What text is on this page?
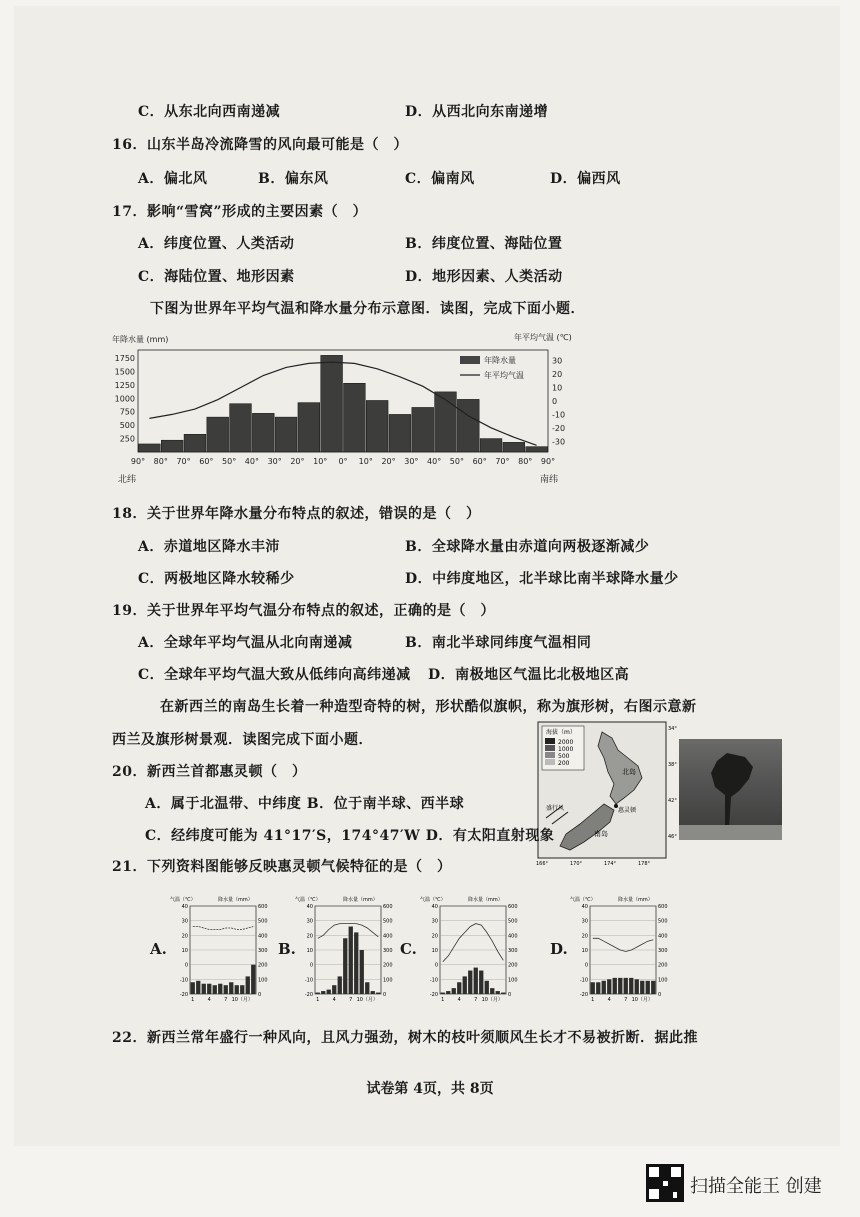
C．从东北向西南递减	D．从西北向东南递增
16．山东半岛冷流降雪的风向最可能是（　）
A．偏北风	B．偏东风	C．偏南风	D．偏西风
17．影响“雪窝”形成的主要因素（　）
A．纬度位置、人类活动	B．纬度位置、海陆位置
C．海陆位置、地形因素	D．地形因素、人类活动
下图为世界年平均气温和降水量分布示意图．读图，完成下面小题．
年降水量 (mm)	年平均气温 (℃)
250
500
750
1000
1250
1500
1750
-30
-20
-10
0
10
20
30
90° 80° 70° 60° 50° 40° 30° 20° 10° 0° 10° 20° 30° 40° 50° 60° 70° 80° 90°
年降水量
年平均气温
北纬	南纬
18．关于世界年降水量分布特点的叙述，错误的是（　）
A．赤道地区降水丰沛	B．全球降水量由赤道向两极逐渐减少
C．两极地区降水较稀少	D．中纬度地区，北半球比南半球降水量少
19．关于世界年平均气温分布特点的叙述，正确的是（　）
A．全球年平均气温从北向南递减	B．南北半球同纬度气温相同
C．全球年平均气温大致从低纬向高纬递减 D．南极地区气温比北极地区高
在新西兰的南岛生长着一种造型奇特的树，形状酷似旗帜，称为旗形树，右图示意新
西兰及旗形树景观．读图完成下面小题．	海拔（m）
2000
1000
500
200
北岛
惠灵顿
南岛
盛行风
34°
38°
42°
46°
166°	170°	174°	178°
20．新西兰首都惠灵顿（　）
A．属于北温带、中纬度 B．位于南半球、西半球
C．经纬度可能为 41°17′S，174°47′W D．有太阳直射现象
21．下列资料图能够反映惠灵顿气候特征的是（　）
A.	B.	C.	D.
气温（℃）	降水量（mm）
40	600
30	500
20	400
10	300
0	200
-10	100
-20	0
1	4	7 10（月）
气温（℃）	降水量（mm）
40	600
30	500
20	400
10	300
0	200
-10	100
-20	0
1	4	7 10（月）
气温（℃）	降水量（mm）
40	600
30	500
20	400
10	300
0	200
-10	100
-20	0
1	4	7 10（月）
气温（℃）	降水量（mm）
40	600
30	500
20	400
10	300
0	200
-10	100
-20	0
1	4	7 10（月）
22．新西兰常年盛行一种风向，且风力强劲，树木的枝叶须顺风生长才不易被折断．据此推
试卷第 4页，共 8页
扫描全能王 创建
